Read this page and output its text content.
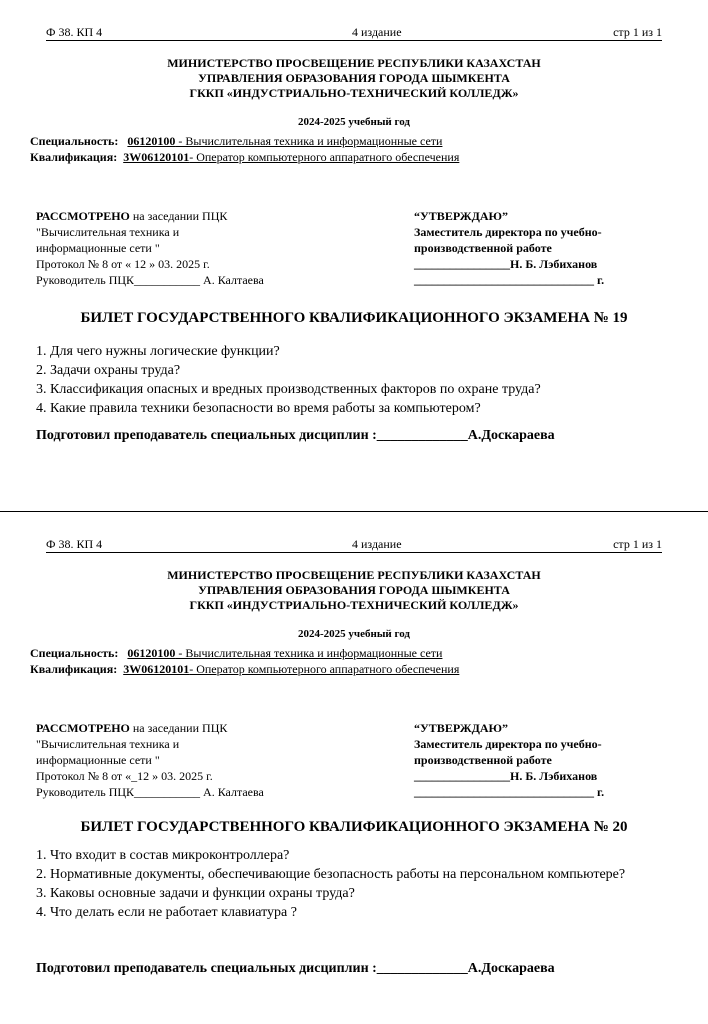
Ф 38. КП 4	4 издание	стр 1 из 1
МИНИСТЕРСТВО ПРОСВЕЩЕНИЕ РЕСПУБЛИКИ КАЗАХСТАН
УПРАВЛЕНИЯ ОБРАЗОВАНИЯ ГОРОДА ШЫМКЕНТА
ГККП «ИНДУСТРИАЛЬНО-ТЕХНИЧЕСКИЙ КОЛЛЕДЖ»
2024-2025 учебный год
Специальность: 06120100 - Вычислительная техника и информационные сети
Квалификация: 3W06120101- Оператор компьютерного аппаратного обеспечения
РАССМОТРЕНО на заседании ПЦК
"Вычислительная техника и
информационные сети "
Протокол № 8 от « 12 » 03. 2025 г.
Руководитель ПЦК___________ А. Калтаева
“УТВЕРЖДАЮ”
Заместитель директора по учебно-
производственной работе
________________Н. Б. Лэбиханов
______________________________ г.
БИЛЕТ ГОСУДАРСТВЕННОГО КВАЛИФИКАЦИОННОГО ЭКЗАМЕНА № 19
1. Для чего нужны логические функции?
2. Задачи охраны труда?
3. Классификация опасных и вредных производственных факторов по охране труда?
4. Какие правила техники безопасности во время работы за компьютером?
Подготовил преподаватель специальных дисциплин :_____________А.Доскараева
Ф 38. КП 4	4 издание	стр 1 из 1
МИНИСТЕРСТВО ПРОСВЕЩЕНИЕ РЕСПУБЛИКИ КАЗАХСТАН
УПРАВЛЕНИЯ ОБРАЗОВАНИЯ ГОРОДА ШЫМКЕНТА
ГККП «ИНДУСТРИАЛЬНО-ТЕХНИЧЕСКИЙ КОЛЛЕДЖ»
2024-2025 учебный год
Специальность: 06120100 - Вычислительная техника и информационные сети
Квалификация: 3W06120101- Оператор компьютерного аппаратного обеспечения
РАССМОТРЕНО на заседании ПЦК
"Вычислительная техника и
информационные сети "
Протокол № 8 от «_12 » 03. 2025 г.
Руководитель ПЦК___________ А. Калтаева
“УТВЕРЖДАЮ”
Заместитель директора по учебно-
производственной работе
________________Н. Б. Лэбиханов
______________________________ г.
БИЛЕТ ГОСУДАРСТВЕННОГО КВАЛИФИКАЦИОННОГО ЭКЗАМЕНА № 20
1. Что входит в состав микроконтроллера?
2. Нормативные документы, обеспечивающие безопасность работы на персональном компьютере?
3. Каковы основные задачи и функции охраны труда?
4. Что делать если не работает клавиатура ?
Подготовил преподаватель специальных дисциплин :_____________А.Доскараева
